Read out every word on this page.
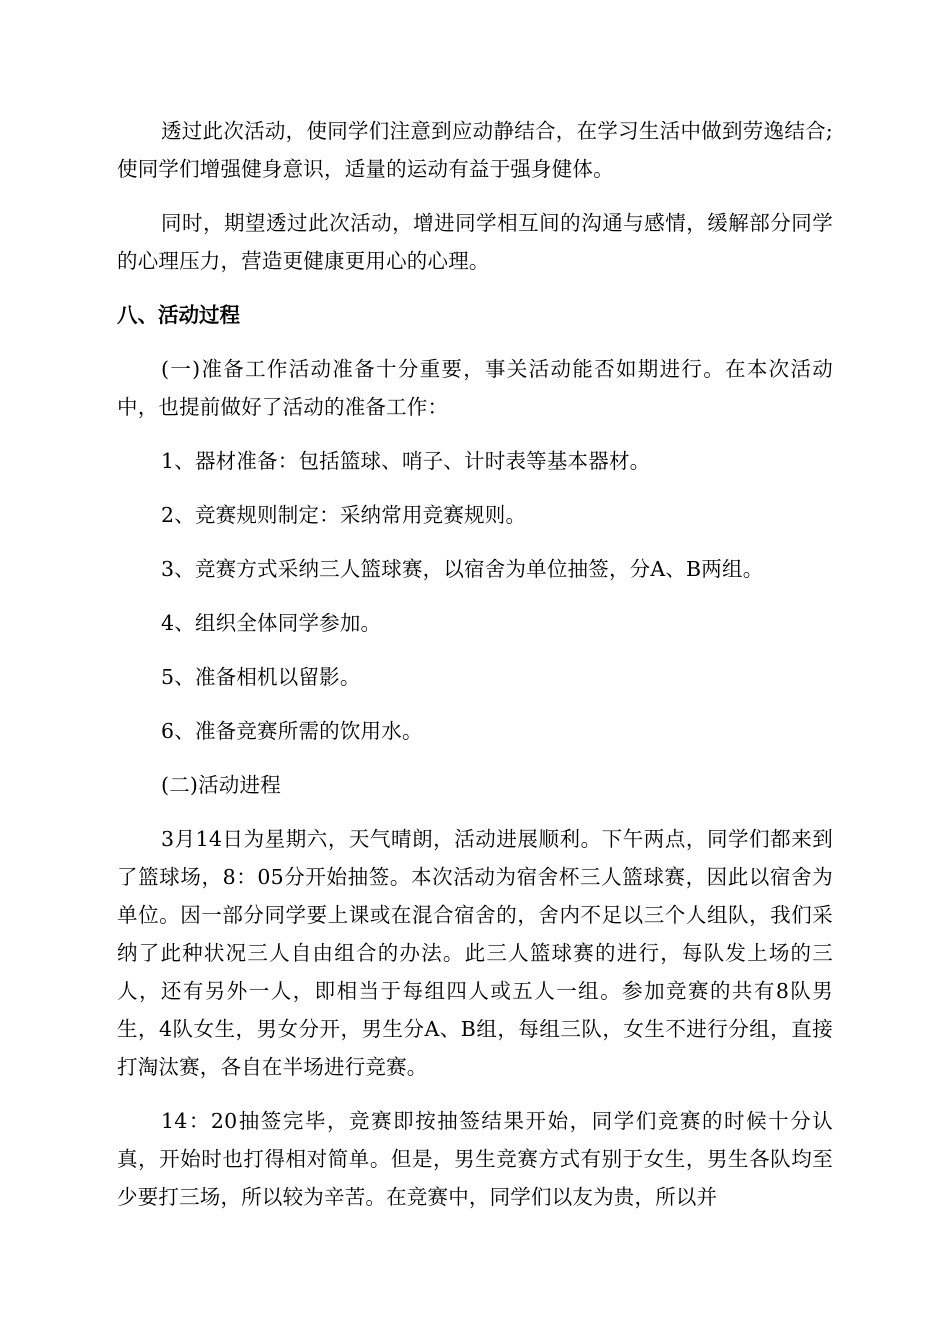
透过此次活动，使同学们注意到应动静结合，在学习生活中做到劳逸结合;使同学们增强健身意识，适量的运动有益于强身健体。

同时，期望透过此次活动，增进同学相互间的沟通与感情，缓解部分同学的心理压力，营造更健康更用心的心理。

八、活动过程

(一)准备工作活动准备十分重要，事关活动能否如期进行。在本次活动中，也提前做好了活动的准备工作：

1、器材准备：包括篮球、哨子、计时表等基本器材。

2、竞赛规则制定：采纳常用竞赛规则。

3、竞赛方式采纳三人篮球赛，以宿舍为单位抽签，分A、B两组。

4、组织全体同学参加。

5、准备相机以留影。

6、准备竞赛所需的饮用水。

(二)活动进程

3月14日为星期六，天气晴朗，活动进展顺利。下午两点，同学们都来到了篮球场，8：05分开始抽签。本次活动为宿舍杯三人篮球赛，因此以宿舍为单位。因一部分同学要上课或在混合宿舍的，舍内不足以三个人组队，我们采纳了此种状况三人自由组合的办法。此三人篮球赛的进行，每队发上场的三人，还有另外一人，即相当于每组四人或五人一组。参加竞赛的共有8队男生，4队女生，男女分开，男生分A、B组，每组三队，女生不进行分组，直接打淘汰赛，各自在半场进行竞赛。

14：20抽签完毕，竞赛即按抽签结果开始，同学们竞赛的时候十分认真，开始时也打得相对简单。但是，男生竞赛方式有别于女生，男生各队均至少要打三场，所以较为辛苦。在竞赛中，同学们以友为贵，所以并
